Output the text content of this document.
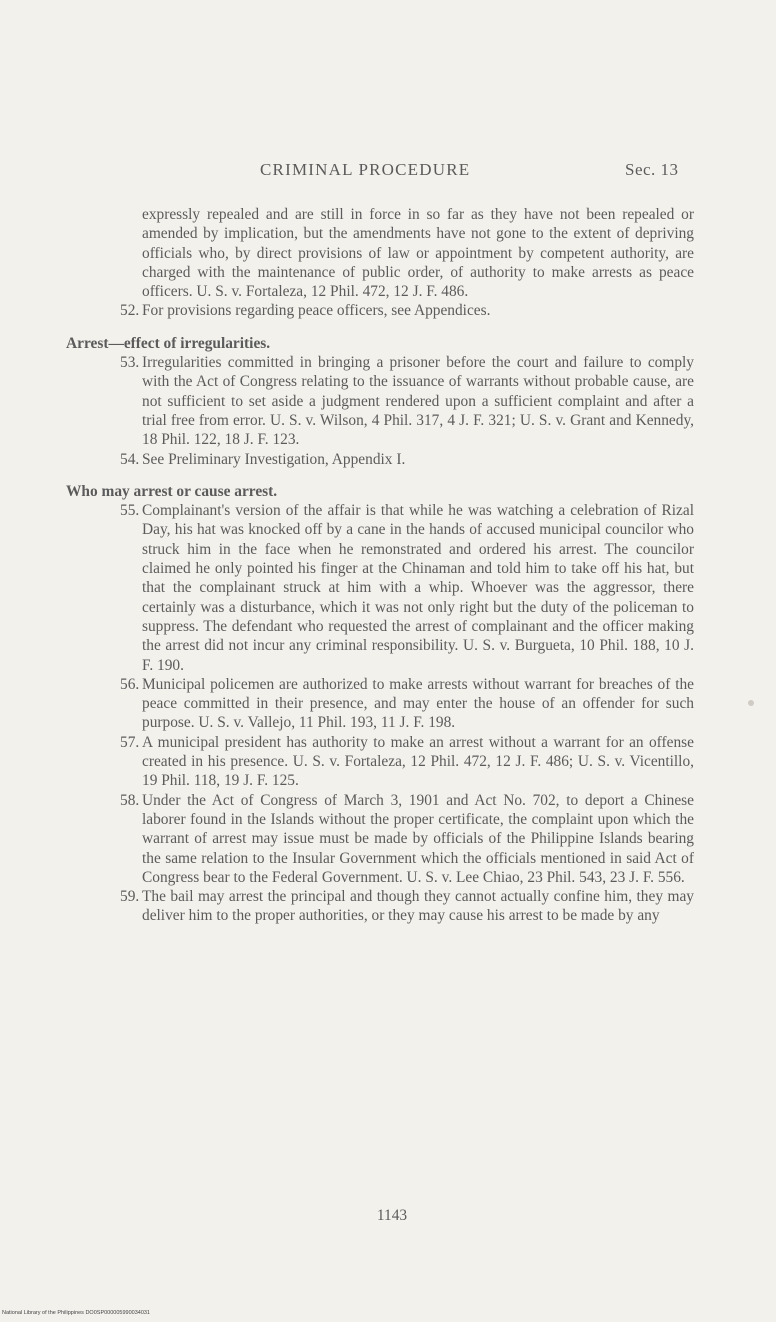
CRIMINAL PROCEDURE	Sec. 13

expressly repealed and are still in force in so far as they have not been repealed or amended by implication, but the amendments have not gone to the extent of depriving officials who, by direct provisions of law or appointment by competent authority, are charged with the maintenance of public order, of authority to make arrests as peace officers. U. S. v. Fortaleza, 12 Phil. 472, 12 J. F. 486.

52. For provisions regarding peace officers, see Appendices.

Arrest—effect of irregularities.

53. Irregularities committed in bringing a prisoner before the court and failure to comply with the Act of Congress relating to the issuance of warrants without probable cause, are not sufficient to set aside a judgment rendered upon a sufficient complaint and after a trial free from error. U. S. v. Wilson, 4 Phil. 317, 4 J. F. 321; U. S. v. Grant and Kennedy, 18 Phil. 122, 18 J. F. 123.

54. See Preliminary Investigation, Appendix I.

Who may arrest or cause arrest.

55. Complainant's version of the affair is that while he was watching a celebration of Rizal Day, his hat was knocked off by a cane in the hands of accused municipal councilor who struck him in the face when he remonstrated and ordered his arrest. The councilor claimed he only pointed his finger at the Chinaman and told him to take off his hat, but that the complainant struck at him with a whip. Whoever was the aggressor, there certainly was a disturbance, which it was not only right but the duty of the policeman to suppress. The defendant who requested the arrest of complainant and the officer making the arrest did not incur any criminal responsibility. U. S. v. Burgueta, 10 Phil. 188, 10 J. F. 190.

56. Municipal policemen are authorized to make arrests without warrant for breaches of the peace committed in their presence, and may enter the house of an offender for such purpose. U. S. v. Vallejo, 11 Phil. 193, 11 J. F. 198.

57. A municipal president has authority to make an arrest without a warrant for an offense created in his presence. U. S. v. Fortaleza, 12 Phil. 472, 12 J. F. 486; U. S. v. Vicentillo, 19 Phil. 118, 19 J. F. 125.

58. Under the Act of Congress of March 3, 1901 and Act No. 702, to deport a Chinese laborer found in the Islands without the proper certificate, the complaint upon which the warrant of arrest may issue must be made by officials of the Philippine Islands bearing the same relation to the Insular Government which the officials mentioned in said Act of Congress bear to the Federal Government. U. S. v. Lee Chiao, 23 Phil. 543, 23 J. F. 556.

59. The bail may arrest the principal and though they cannot actually confine him, they may deliver him to the proper authorities, or they may cause his arrest to be made by any

1143
National Library of the Philippines DO0SP000005990034031
